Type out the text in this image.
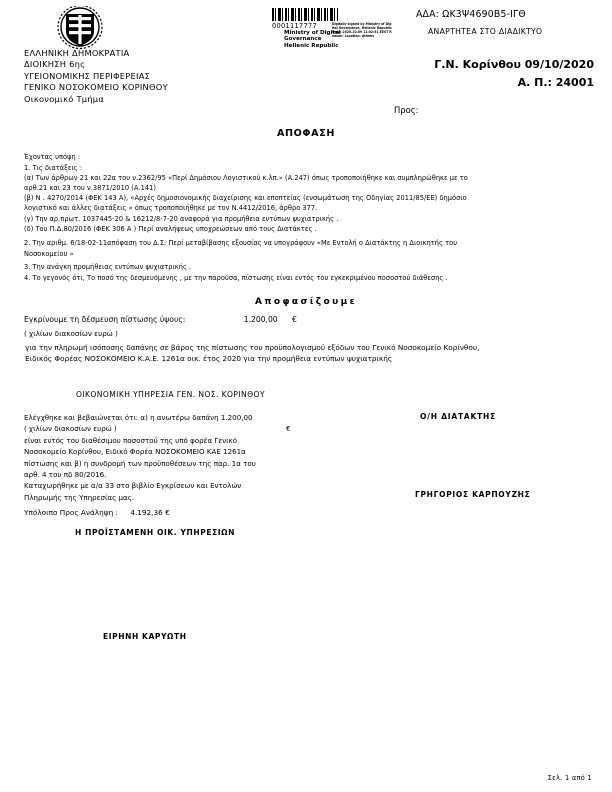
ΕΛΛΗΝΙΚΗ ΔΗΜΟΚΡΑΤΙΑ
ΔΙΟΙΚΗΣΗ 6ης
ΥΓΕΙΟΝΟΜΙΚΗΣ ΠΕΡΙΦΕΡΕΙΑΣ
ΓΕΝΙΚΟ ΝΟΣΟΚΟΜΕΙΟ ΚΟΡΙΝΘΟΥ
Οικονομικό Τμήμα
0001117777
Ministry of Digital
Governance
Hellenic Republic
Digitally signed by Ministry of Digital Governance, Hellenic Republic Date: 2020.10.09 11:02:51 EEST Reason: Location: Athens
ΑΔΑ: ΩΚ3Ψ4690Β5-ΙΓΘ
ΑΝΑΡΤΗΤΕΑ ΣΤΟ ΔΙΑΔΙΚΤΥΟ
Γ.Ν. Κορίνθου 09/10/2020
Α. Π.: 24001
Προς:
ΑΠΟΦΑΣΗ

Έχοντας υπόψη :

1. Τις διατάξεις :

(α) Των άρθρων 21 και 22α του ν.2362/95 «Περί Δημόσιου Λογιστικού κ.λπ.» (Α.247) όπως τροποποιήθηκε και συμπληρώθηκε με το

αρθ.21 και 23 του ν.3871/2010 (Α.141)

(β) Ν . 4270/2014 (ΦΕΚ 143 Α), «Αρχές δημοσιονομικής διαχείρισης και εποπτείας (ενσωμάτωση της Οδηγίας 2011/85/ΕΕ) δημόσιο

λογιστικό και άλλες διατάξεις » όπως τροποποιήθηκε με τον Ν.4412/2016, άρθρο 377.

(γ) Την αρ.πρωτ. 1037445-20 & 16212/8-7-20 αναφορά για προμήθεια εντύπων ψυχιατρικής .

(δ) Του Π.Δ.80/2016 (ΦΕΚ 306 Α ) Περί αναλήψεως υποχρεώσεων από τους Διατάκτες .

2. Την αριθμ. 6/18-02-11απόφαση του Δ.Σ. Περί μεταβίβασης εξουσίας να υπογράφουν «Με Εντολή ο Διατάκτης η Διοικητής του

Νοσοκομείου »

3. Την ανάγκη προμήθειας εντύπων ψυχιατρικής .

4. Το γεγονός ότι, Το ποσό της δεσμευόμενης , με την παρούσα, πίστωσης είναι εντός του εγκεκριμένου ποσοστού διάθεσης .

Αποφασίζουμε
Εγκρίνουμε τη δέσμευση πίστωσης ύψους:	1.200,00 €
( χιλίων διακοσίων ευρώ )

για την πληρωμή ισόποσης δαπάνης σε βάρος της πίστωσης του προϋπολογισμού εξόδων του Γενικό Νοσοκομείο Κορίνθου,

Ειδικός Φορέας ΝΟΣΟΚΟΜΕΙΟ Κ.Α.Ε. 1261α οικ. έτος 2020 για την προμήθεια εντύπων ψυχιατρικής

ΟΙΚΟΝΟΜΙΚΗ ΥΠΗΡΕΣΙΑ ΓΕΝ. ΝΟΣ. ΚΟΡΙΝΘΟΥ

Ελέγχθηκε και βεβαιώνεται ότι: α) η ανωτέρω δαπάνη 1.200,00

( χιλίων διακοσίων ευρώ )	€

είναι εντός του διαθέσιμου ποσοστού της υπό φορέα Γενικό

Νοσοκομείο Κορίνθου, Ειδικό Φορέα ΝΟΣΟΚΟΜΕΙΟ ΚΑΕ 1261α

πίστωσης και β) η συνδρομή των προϋποθέσεων της παρ. 1α του

αρθ. 4 του πδ 80/2016.

Καταχωρήθηκε με α/α 33 στο βιβλίο Εγκρίσεων και Εντολών

Πληρωμής της Υπηρεσίας μας.

Υπόλοιπο Προς Ανάληψη : 4.192,36 €
Ο/Η ΔΙΑΤΑΚΤΗΣ
ΓΡΗΓΟΡΙΟΣ ΚΑΡΠΟΥΖΗΣ
Η ΠΡΟΪΣΤΑΜΕΝΗ ΟΙΚ. ΥΠΗΡΕΣΙΩΝ
ΕΙΡΗΝΗ ΚΑΡΥΩΤΗ
Σελ. 1 από 1
